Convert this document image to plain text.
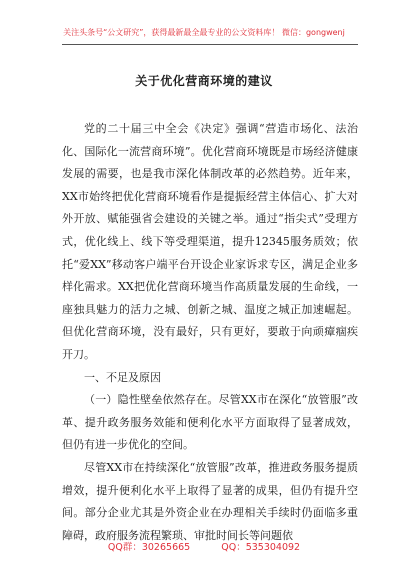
关注头条号“公文研究”，获得最新最全最专业的公文资料库！ 微信：gongwenj
关于优化营商环境的建议

党的二十届三中全会《决定》强调“营造市场化、法治化、国际化一流营商环境”。优化营商环境既是市场经济健康发展的需要，也是我市深化体制改革的必然趋势。近年来，XX市始终把优化营商环境看作是提振经营主体信心、扩大对外开放、赋能强省会建设的关键之举。通过“指尖式”受理方式，优化线上、线下等受理渠道，提升12345服务质效；依托“爱XX”移动客户端平台开设企业家诉求专区，满足企业多样化需求。XX把优化营商环境当作高质量发展的生命线，一座独具魅力的活力之城、创新之城、温度之城正加速崛起。但优化营商环境，没有最好，只有更好，要敢于向顽瘴痼疾开刀。

一、不足及原因

（一）隐性壁垒依然存在。尽管XX市在深化“放管服”改革、提升政务服务效能和便利化水平方面取得了显著成效，但仍有进一步优化的空间。

尽管XX市在持续深化“放管服”改革，推进政务服务提质增效，提升便利化水平上取得了显著的成果，但仍有提升空间。部分企业尤其是外资企业在办理相关手续时仍面临多重障碍，政府服务流程繁琐、审批时间长等问题依

QQ群：30265665	QQ：535304092
